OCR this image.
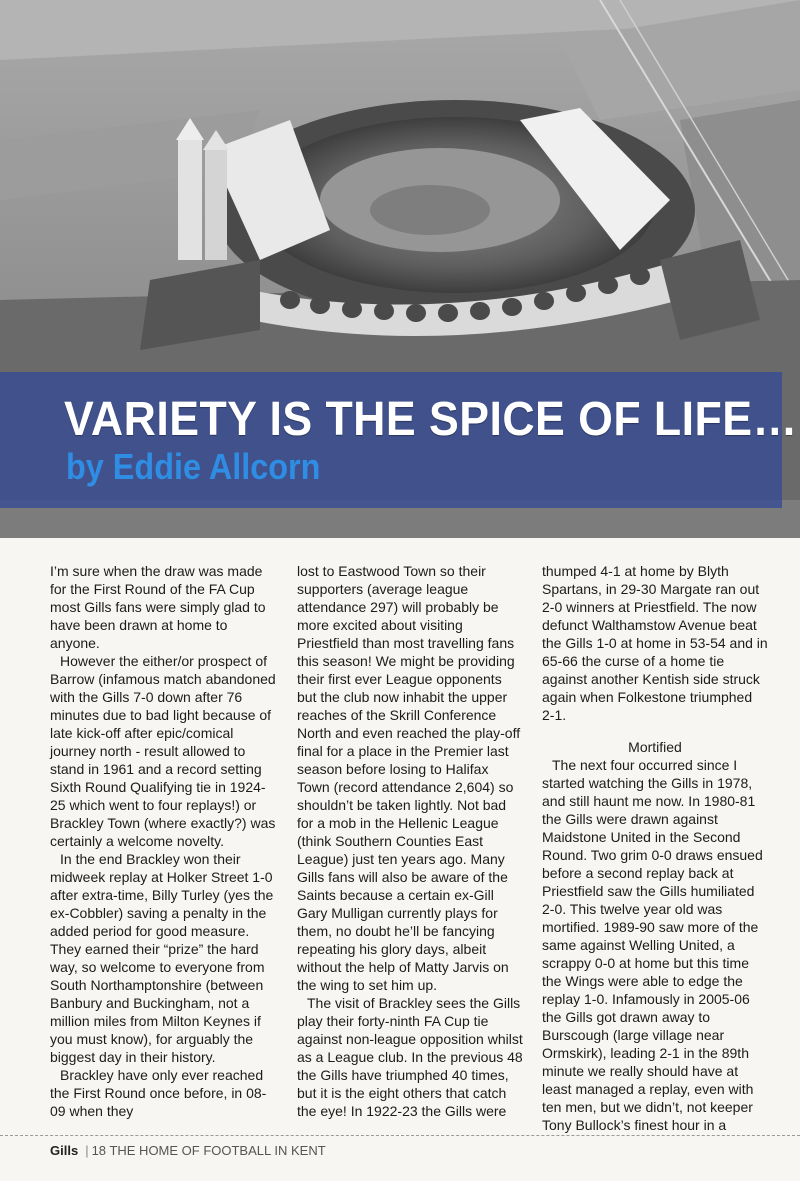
VARIETY IS THE SPICE OF LIFE…
by Eddie Allcorn

I’m sure when the draw was made for the First Round of the FA Cup most Gills fans were simply glad to have been drawn at home to anyone.

However the either/or prospect of Barrow (infamous match abandoned with the Gills 7-0 down after 76 minutes due to bad light because of late kick-off after epic/comical journey north - result allowed to stand in 1961 and a record setting Sixth Round Qualifying tie in 1924-25 which went to four replays!) or Brackley Town (where exactly?) was certainly a welcome novelty.

In the end Brackley won their midweek replay at Holker Street 1-0 after extra-time, Billy Turley (yes the ex-Cobbler) saving a penalty in the added period for good measure. They earned their “prize” the hard way, so welcome to everyone from South Northamptonshire (between Banbury and Buckingham, not a million miles from Milton Keynes if you must know), for arguably the biggest day in their history.

Brackley have only ever reached the First Round once before, in 08-09 when they

lost to Eastwood Town so their supporters (average league attendance 297) will probably be more excited about visiting Priestfield than most travelling fans this season! We might be providing their first ever League opponents but the club now inhabit the upper reaches of the Skrill Conference North and even reached the play-off final for a place in the Premier last season before losing to Halifax Town (record attendance 2,604) so shouldn’t be taken lightly. Not bad for a mob in the Hellenic League (think Southern Counties East League) just ten years ago. Many Gills fans will also be aware of the Saints because a certain ex-Gill Gary Mulligan currently plays for them, no doubt he’ll be fancying repeating his glory days, albeit without the help of Matty Jarvis on the wing to set him up.

The visit of Brackley sees the Gills play their forty-ninth FA Cup tie against non-league opposition whilst as a League club. In the previous 48 the Gills have triumphed 40 times, but it is the eight others that catch the eye! In 1922-23 the Gills were

thumped 4-1 at home by Blyth Spartans, in 29-30 Margate ran out 2-0 winners at Priestfield. The now defunct Walthamstow Avenue beat the Gills 1-0 at home in 53-54 and in 65-66 the curse of a home tie against another Kentish side struck again when Folkestone triumphed 2-1.

Mortified

The next four occurred since I started watching the Gills in 1978, and still haunt me now. In 1980-81 the Gills were drawn against Maidstone United in the Second Round. Two grim 0-0 draws ensued before a second replay back at Priestfield saw the Gills humiliated 2-0. This twelve year old was mortified. 1989-90 saw more of the same against Welling United, a scrappy 0-0 at home but this time the Wings were able to edge the replay 1-0. Infamously in 2005-06 the Gills got drawn away to Burscough (large village near Ormskirk), leading 2-1 in the 89th minute we really should have at least managed a replay, even with ten men, but we didn’t, not keeper Tony Bullock’s finest hour in a

Gills | 18 THE HOME OF FOOTBALL IN KENT
